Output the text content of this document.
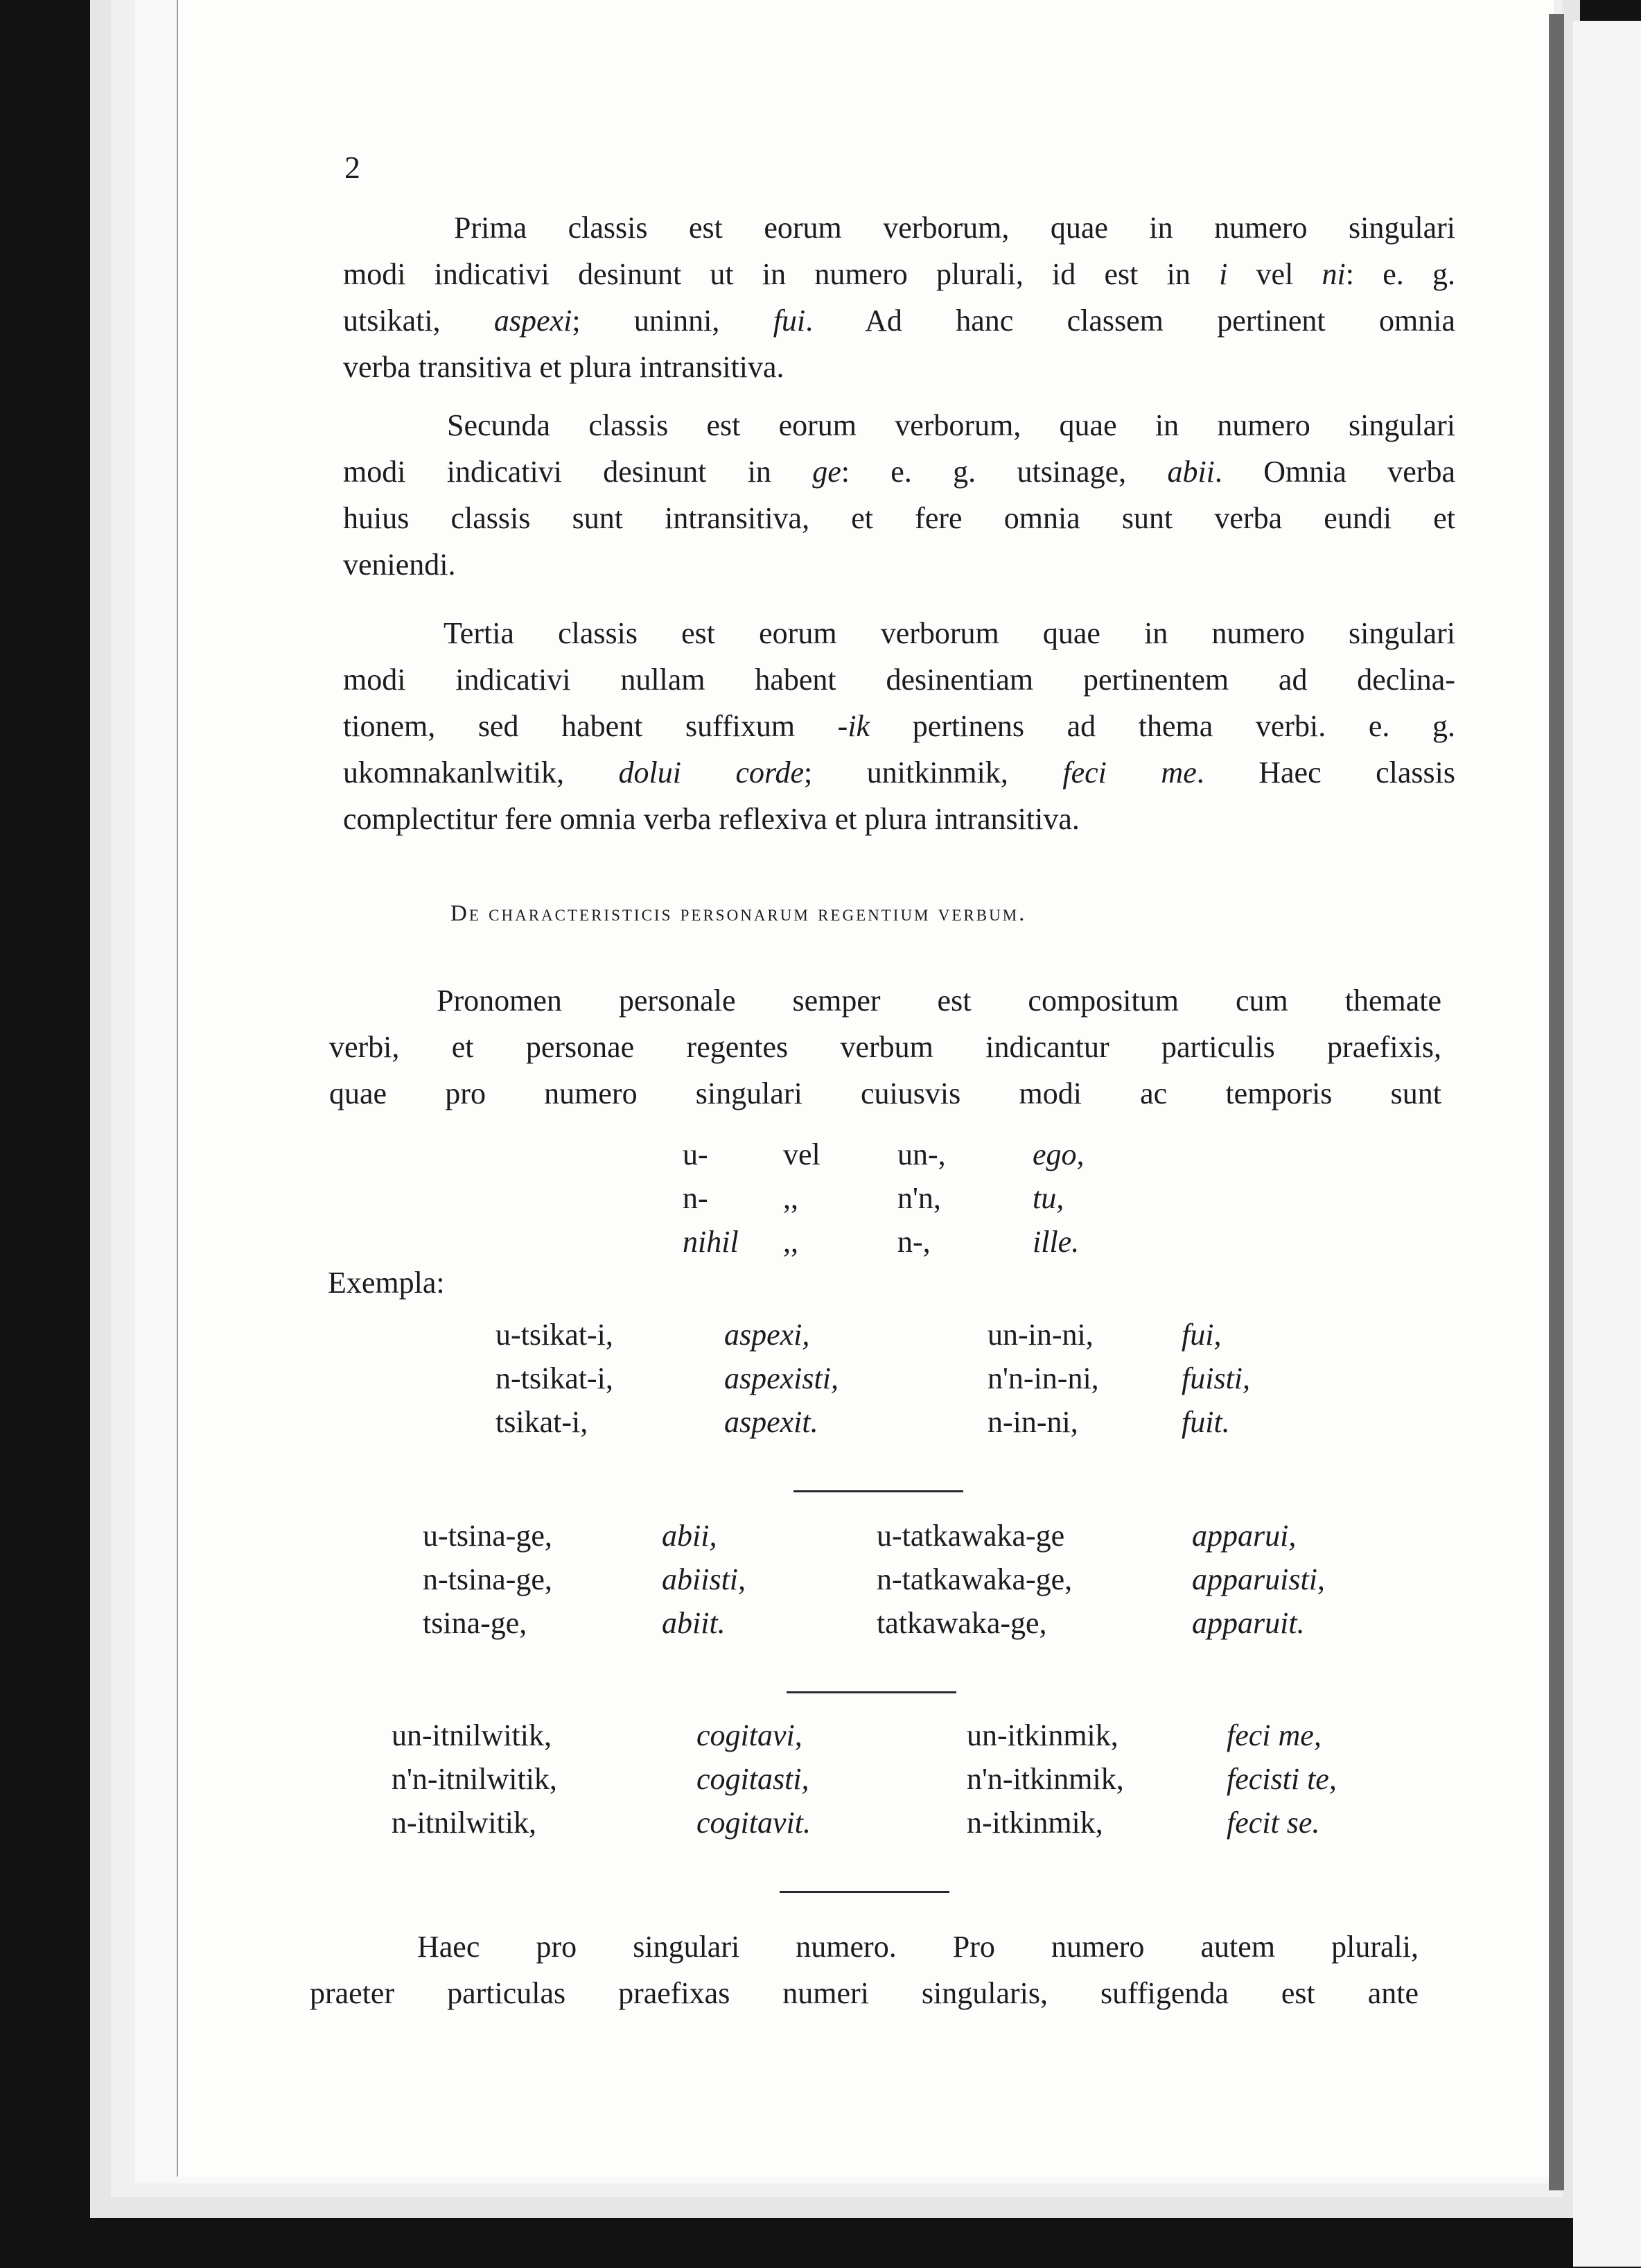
2
Prima classis est eorum verborum, quae in numero singulari
modi indicativi desinunt ut in numero plurali, id est in i vel ni: e. g.
utsikati, aspexi; uninni, fui. Ad hanc classem pertinent omnia
verba transitiva et plura intransitiva.
Secunda classis est eorum verborum, quae in numero singulari
modi indicativi desinunt in ge: e. g. utsinage, abii. Omnia verba
huius classis sunt intransitiva, et fere omnia sunt verba eundi et
veniendi.
Tertia classis est eorum verborum quae in numero singulari
modi indicativi nullam habent desinentiam pertinentem ad declina-
tionem, sed habent suffixum -ik pertinens ad thema verbi. e. g.
ukomnakanlwitik, dolui corde; unitkinmik, feci me. Haec classis
complectitur fere omnia verba reflexiva et plura intransitiva.
De characteristicis personarum regentium verbum.
Pronomen personale semper est compositum cum themate
verbi, et personae regentes verbum indicantur particulis praefixis,
quae pro numero singulari cuiusvis modi ac temporis sunt
u- vel	un-,	ego,
n- ,,	n'n,	tu,
nihil ,,	n-,	ille.
Exempla:
u-tsikat-i,	aspexi,	un-in-ni,	fui,
n-tsikat-i,	aspexisti,	n'n-in-ni,	fuisti,
tsikat-i,	aspexit.	n-in-ni,	fuit.
u-tsina-ge,	abii,	u-tatkawaka-ge	apparui,
n-tsina-ge,	abiisti,	n-tatkawaka-ge,	apparuisti,
tsina-ge,	abiit.	tatkawaka-ge,	apparuit.
un-itnilwitik,	cogitavi,	un-itkinmik,	feci me,
n'n-itnilwitik,	cogitasti,	n'n-itkinmik,	fecisti te,
n-itnilwitik,	cogitavit.	n-itkinmik,	fecit se.
Haec pro singulari numero. Pro numero autem plurali,
praeter particulas praefixas numeri singularis, suffigenda est ante
